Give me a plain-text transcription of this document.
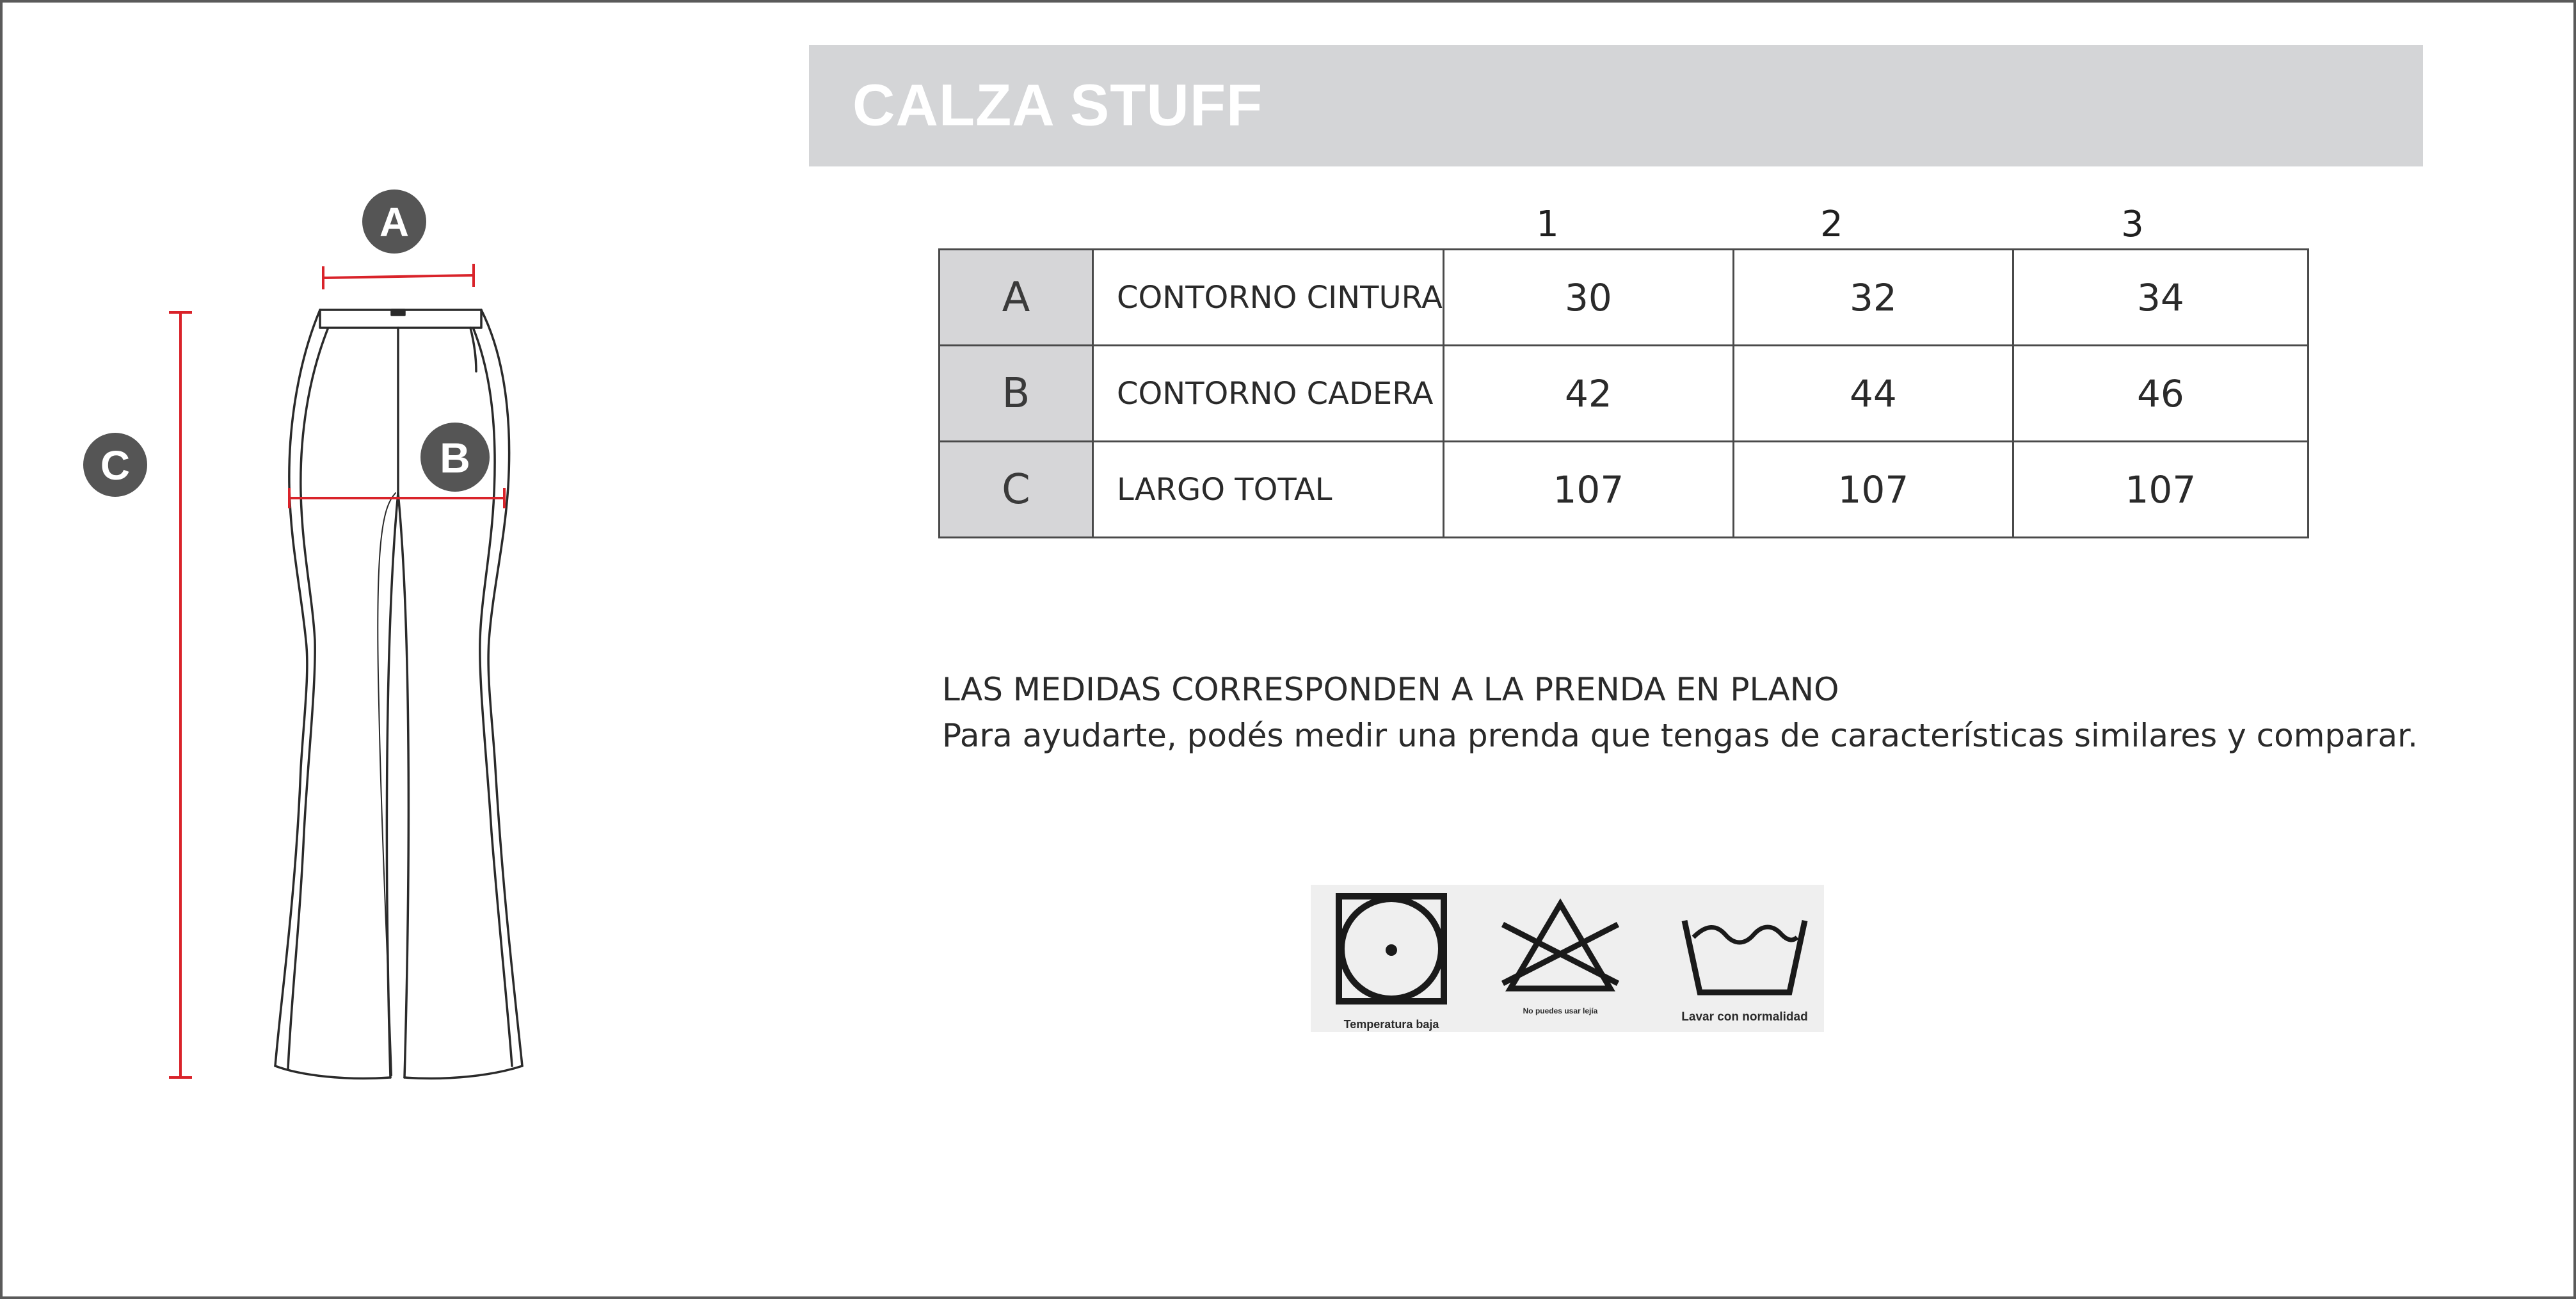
A
B
C
CALZA STUFF
1	2	3
A	CONTORNO CINTURA	30	32	34
B	CONTORNO CADERA	42	44	46
C	LARGO TOTAL	107	107	107
LAS MEDIDAS CORRESPONDEN A LA PRENDA EN PLANO
Para ayudarte, podés medir una prenda que tengas de características similares y comparar.
Temperatura baja
No puedes usar lejía	Lavar con normalidad
